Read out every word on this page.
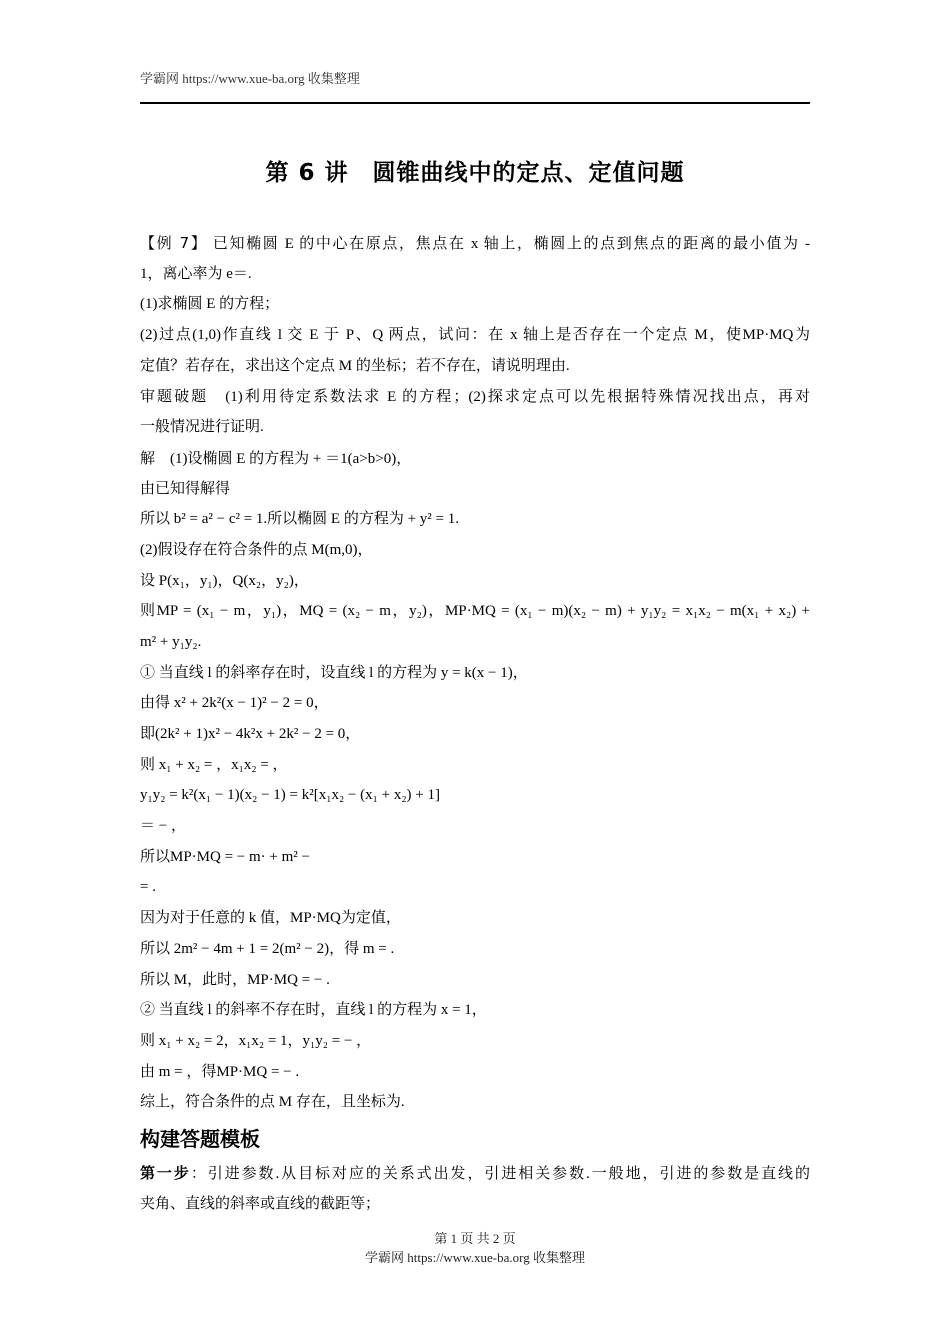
学霸网 https://www.xue-ba.org 收集整理
第 6 讲　圆锥曲线中的定点、定值问题
【例 7】 已知椭圆 E 的中心在原点，焦点在 x 轴上，椭圆上的点到焦点的距离的最小值为 -
1，离心率为 e＝.
(1)求椭圆 E 的方程；
(2)过点(1,0)作直线 l 交 E 于 P、Q 两点，试问：在 x 轴上是否存在一个定点 M，使MP·MQ为
定值？若存在，求出这个定点 M 的坐标；若不存在，请说明理由.
审题破题　(1)利用待定系数法求 E 的方程；(2)探求定点可以先根据特殊情况找出点，再对
一般情况进行证明.
解　(1)设椭圆 E 的方程为 + ＝1(a>b>0)，
由已知得解得
所以 b² = a² − c² = 1.所以椭圆 E 的方程为 + y² = 1.
(2)假设存在符合条件的点 M(m,0)，
设 P(x₁，y₁)，Q(x₂，y₂)，
则MP = (x₁ − m，y₁)，MQ = (x₂ − m，y₂)，MP·MQ = (x₁ − m)(x₂ − m) + y₁y₂ = x₁x₂ − m(x₁ + x₂) +
m² + y₁y₂.
① 当直线 l 的斜率存在时，设直线 l 的方程为 y = k(x − 1)，
由得 x² + 2k²(x − 1)² − 2 = 0，
即(2k² + 1)x² − 4k²x + 2k² − 2 = 0，
则 x₁ + x₂ = ，x₁x₂ = ，
y₁y₂ = k²(x₁ − 1)(x₂ − 1) = k²[x₁x₂ − (x₁ + x₂) + 1]
＝ − ，
所以MP·MQ = − m· + m² −
= .
因为对于任意的 k 值，MP·MQ为定值，
所以 2m² − 4m + 1 = 2(m² − 2)，得 m = .
所以 M，此时，MP·MQ = − .
② 当直线 l 的斜率不存在时，直线 l 的方程为 x = 1，
则 x₁ + x₂ = 2，x₁x₂ = 1，y₁y₂ = − ，
由 m = ，得MP·MQ = − .
综上，符合条件的点 M 存在，且坐标为.
构建答题模板
第一步：引进参数.从目标对应的关系式出发，引进相关参数.一般地，引进的参数是直线的
夹角、直线的斜率或直线的截距等；
第 1 页 共 2 页
学霸网 https://www.xue-ba.org 收集整理
